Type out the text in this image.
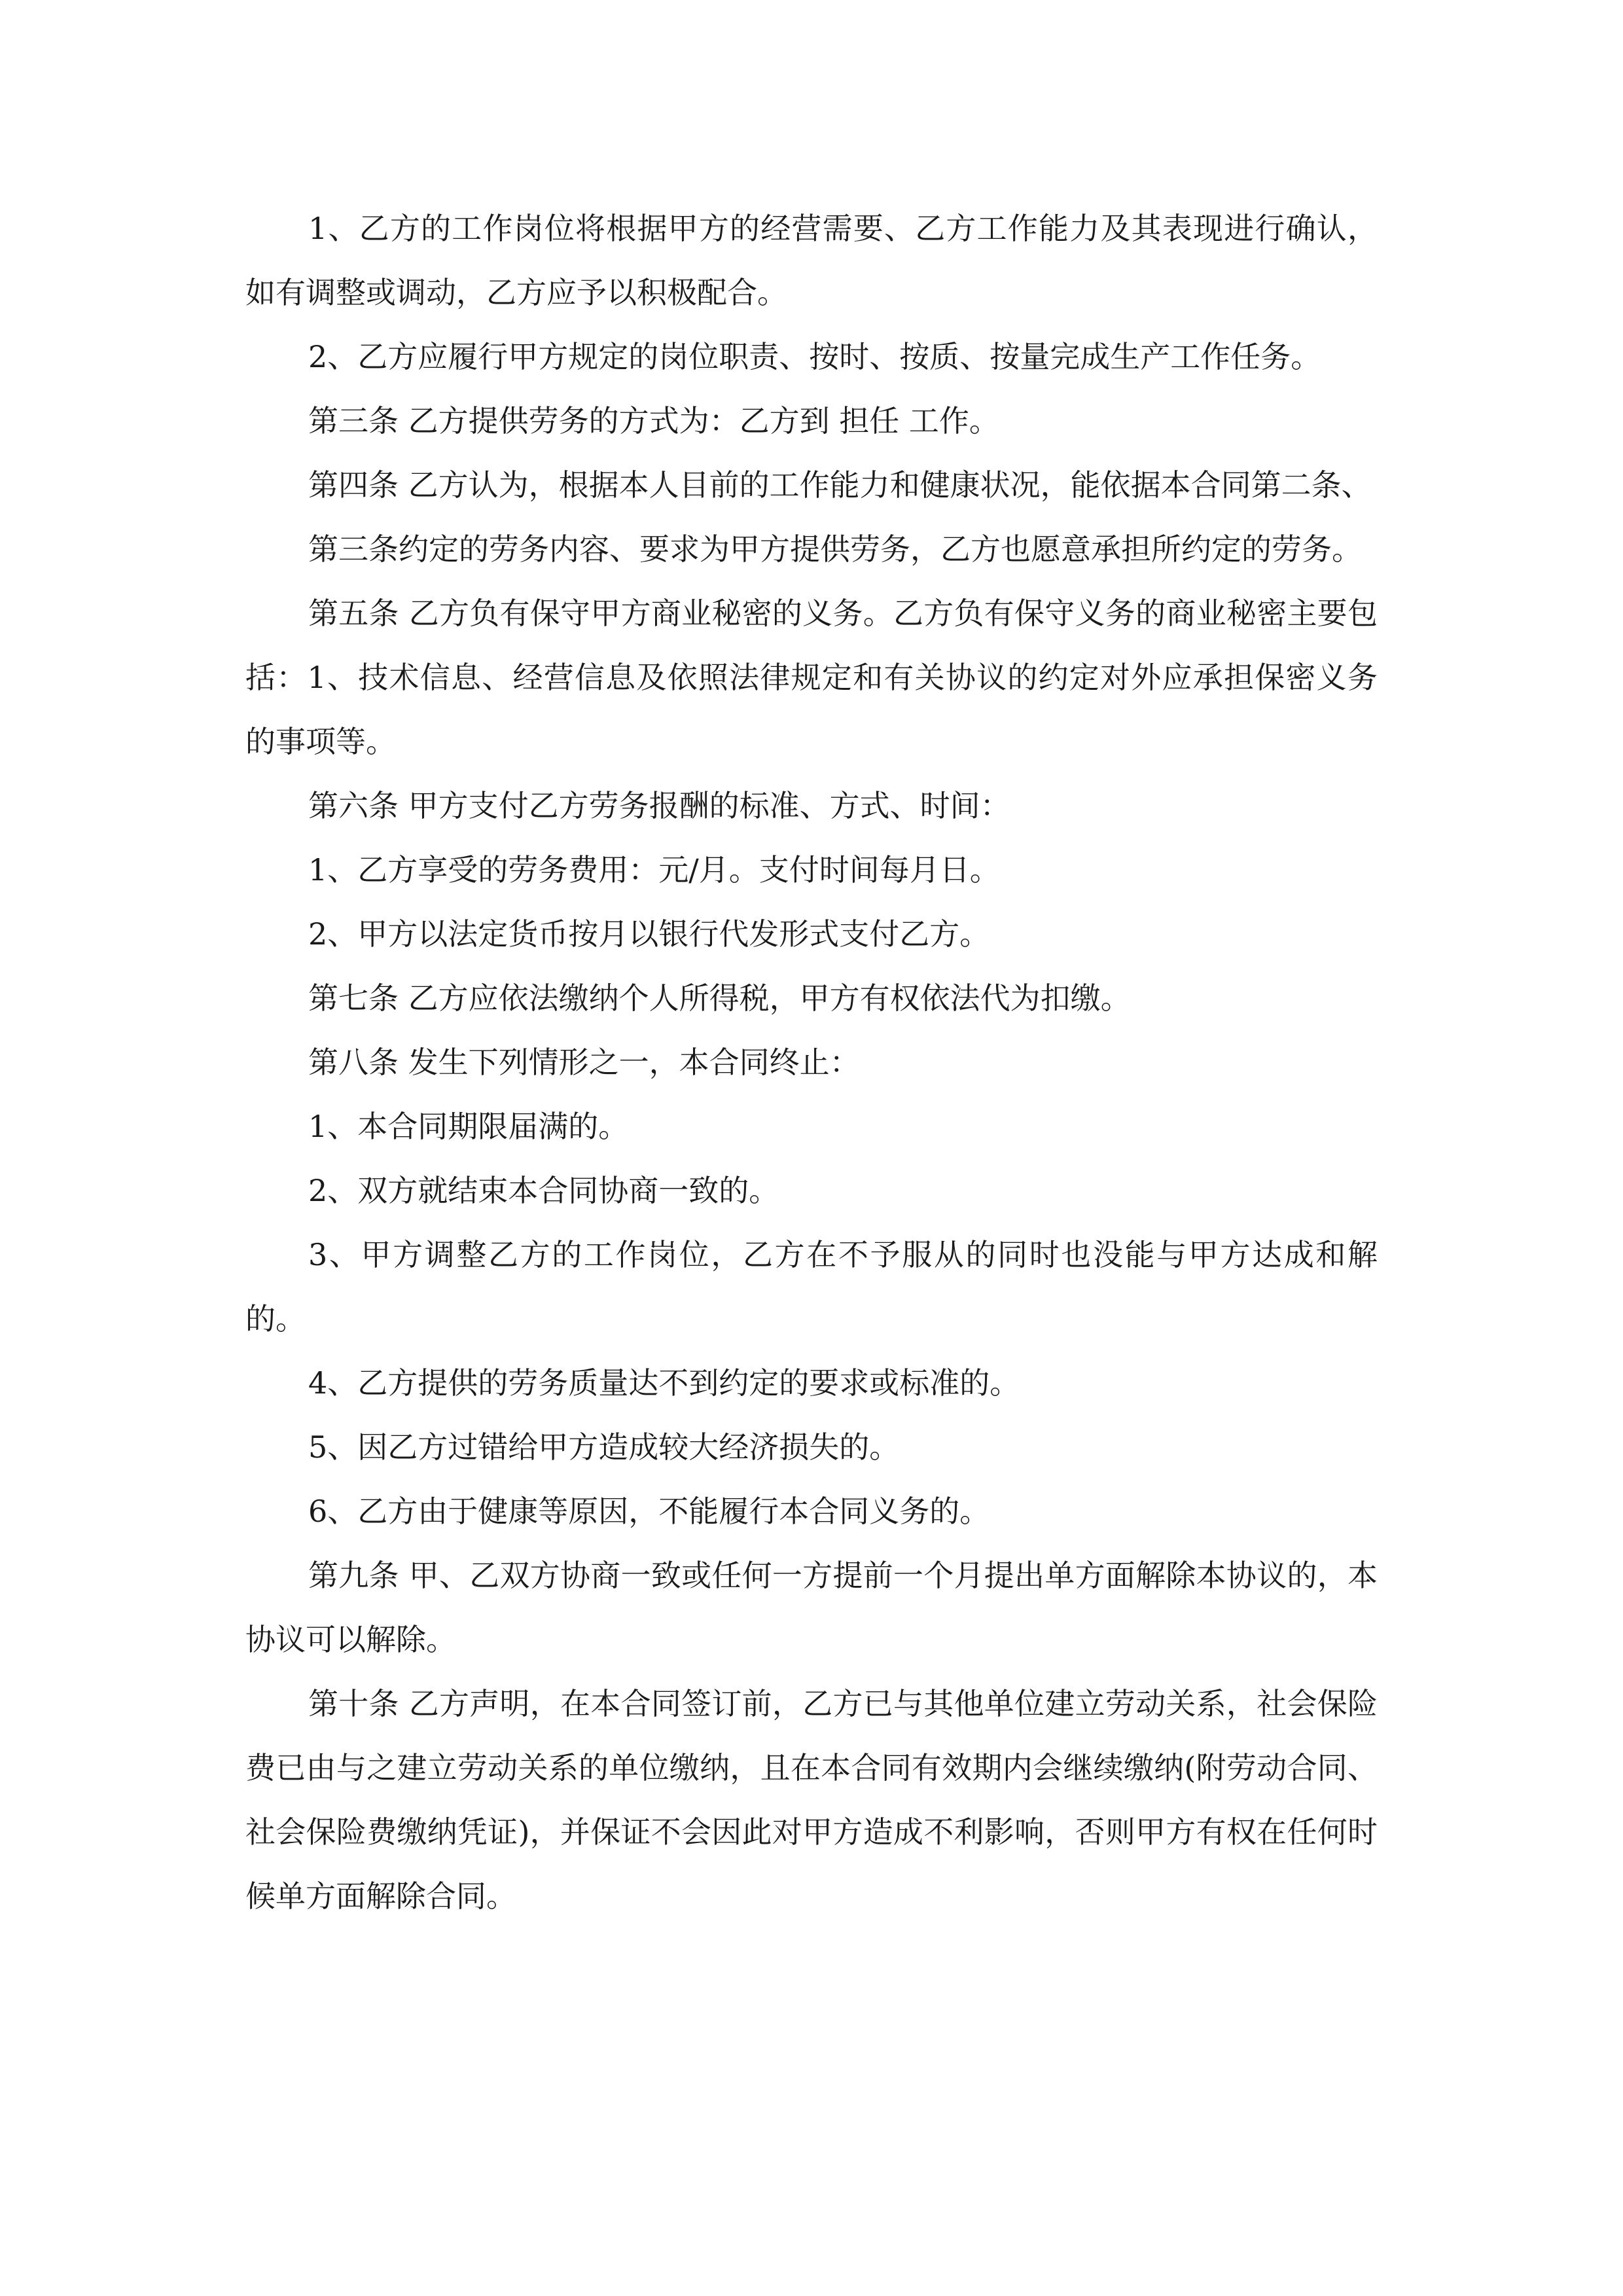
1、乙方的工作岗位将根据甲方的经营需要、乙方工作能力及其表现进行确认，如有调整或调动，乙方应予以积极配合。

2、乙方应履行甲方规定的岗位职责、按时、按质、按量完成生产工作任务。

第三条 乙方提供劳务的方式为：乙方到 担任 工作。

第四条 乙方认为，根据本人目前的工作能力和健康状况，能依据本合同第二条、

第三条约定的劳务内容、要求为甲方提供劳务，乙方也愿意承担所约定的劳务。

第五条 乙方负有保守甲方商业秘密的义务。乙方负有保守义务的商业秘密主要包括：1、技术信息、经营信息及依照法律规定和有关协议的约定对外应承担保密义务的事项等。

第六条 甲方支付乙方劳务报酬的标准、方式、时间：

1、乙方享受的劳务费用：元/月。支付时间每月日。

2、甲方以法定货币按月以银行代发形式支付乙方。

第七条 乙方应依法缴纳个人所得税，甲方有权依法代为扣缴。

第八条 发生下列情形之一，本合同终止：

1、本合同期限届满的。

2、双方就结束本合同协商一致的。

3、甲方调整乙方的工作岗位，乙方在不予服从的同时也没能与甲方达成和解的。

4、乙方提供的劳务质量达不到约定的要求或标准的。

5、因乙方过错给甲方造成较大经济损失的。

6、乙方由于健康等原因，不能履行本合同义务的。

第九条 甲、乙双方协商一致或任何一方提前一个月提出单方面解除本协议的，本协议可以解除。

第十条 乙方声明，在本合同签订前，乙方已与其他单位建立劳动关系，社会保险费已由与之建立劳动关系的单位缴纳，且在本合同有效期内会继续缴纳(附劳动合同、社会保险费缴纳凭证)，并保证不会因此对甲方造成不利影响，否则甲方有权在任何时候单方面解除合同。
